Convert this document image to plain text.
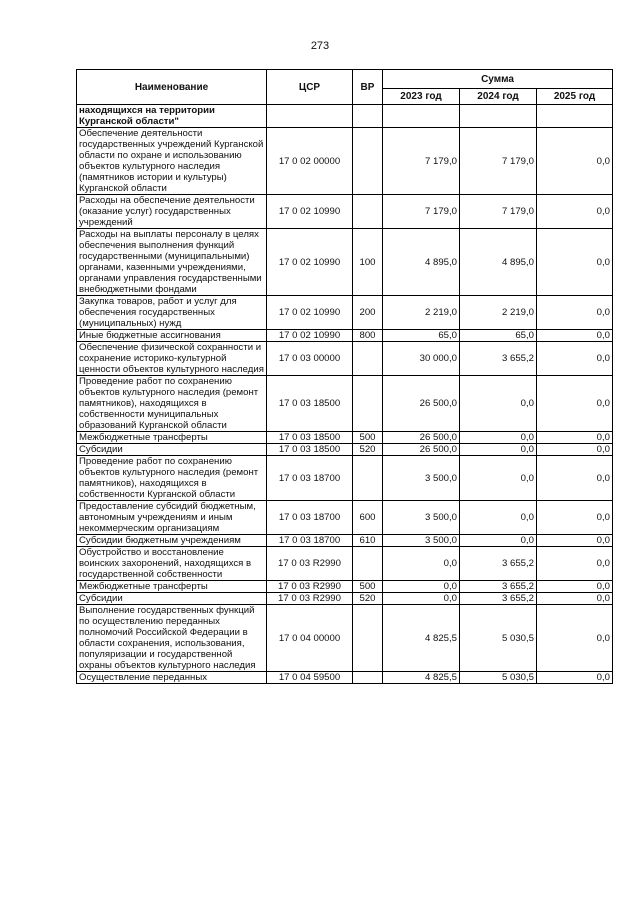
273
Наименование	ЦСР	ВР	Сумма		
			2023 год	2024 год	2025 год
находящихся на территории Курганской области"					
Обеспечение деятельности государственных учреждений Курганской области по охране и использованию объектов культурного наследия (памятников истории и культуры) Курганской области	17 0 02 00000		7 179,0	7 179,0	0,0
Расходы на обеспечение деятельности (оказание услуг) государственных учреждений	17 0 02 10990		7 179,0	7 179,0	0,0
Расходы на выплаты персоналу в целях обеспечения выполнения функций государственными (муниципальными) органами, казенными учреждениями, органами управления государственными внебюджетными фондами	17 0 02 10990	100	4 895,0	4 895,0	0,0
Закупка товаров, работ и услуг для обеспечения государственных (муниципальных) нужд	17 0 02 10990	200	2 219,0	2 219,0	0,0
Иные бюджетные ассигнования	17 0 02 10990	800	65,0	65,0	0,0
Обеспечение физической сохранности и сохранение историко-культурной ценности объектов культурного наследия	17 0 03 00000		30 000,0	3 655,2	0,0
Проведение работ по сохранению объектов культурного наследия (ремонт памятников), находящихся в собственности муниципальных образований Курганской области	17 0 03 18500		26 500,0	0,0	0,0
Межбюджетные трансферты	17 0 03 18500	500	26 500,0	0,0	0,0
Субсидии	17 0 03 18500	520	26 500,0	0,0	0,0
Проведение работ по сохранению объектов культурного наследия (ремонт памятников), находящихся в собственности Курганской области	17 0 03 18700		3 500,0	0,0	0,0
Предоставление субсидий бюджетным, автономным учреждениям и иным некоммерческим организациям	17 0 03 18700	600	3 500,0	0,0	0,0
Субсидии бюджетным учреждениям	17 0 03 18700	610	3 500,0	0,0	0,0
Обустройство и восстановление воинских захоронений, находящихся в государственной собственности	17 0 03 R2990		0,0	3 655,2	0,0
Межбюджетные трансферты	17 0 03 R2990	500	0,0	3 655,2	0,0
Субсидии	17 0 03 R2990	520	0,0	3 655,2	0,0
Выполнение государственных функций по осуществлению переданных полномочий Российской Федерации в области сохранения, использования, популяризации и государственной охраны объектов культурного наследия	17 0 04 00000		4 825,5	5 030,5	0,0
Осуществление переданных	17 0 04 59500		4 825,5	5 030,5	0,0
